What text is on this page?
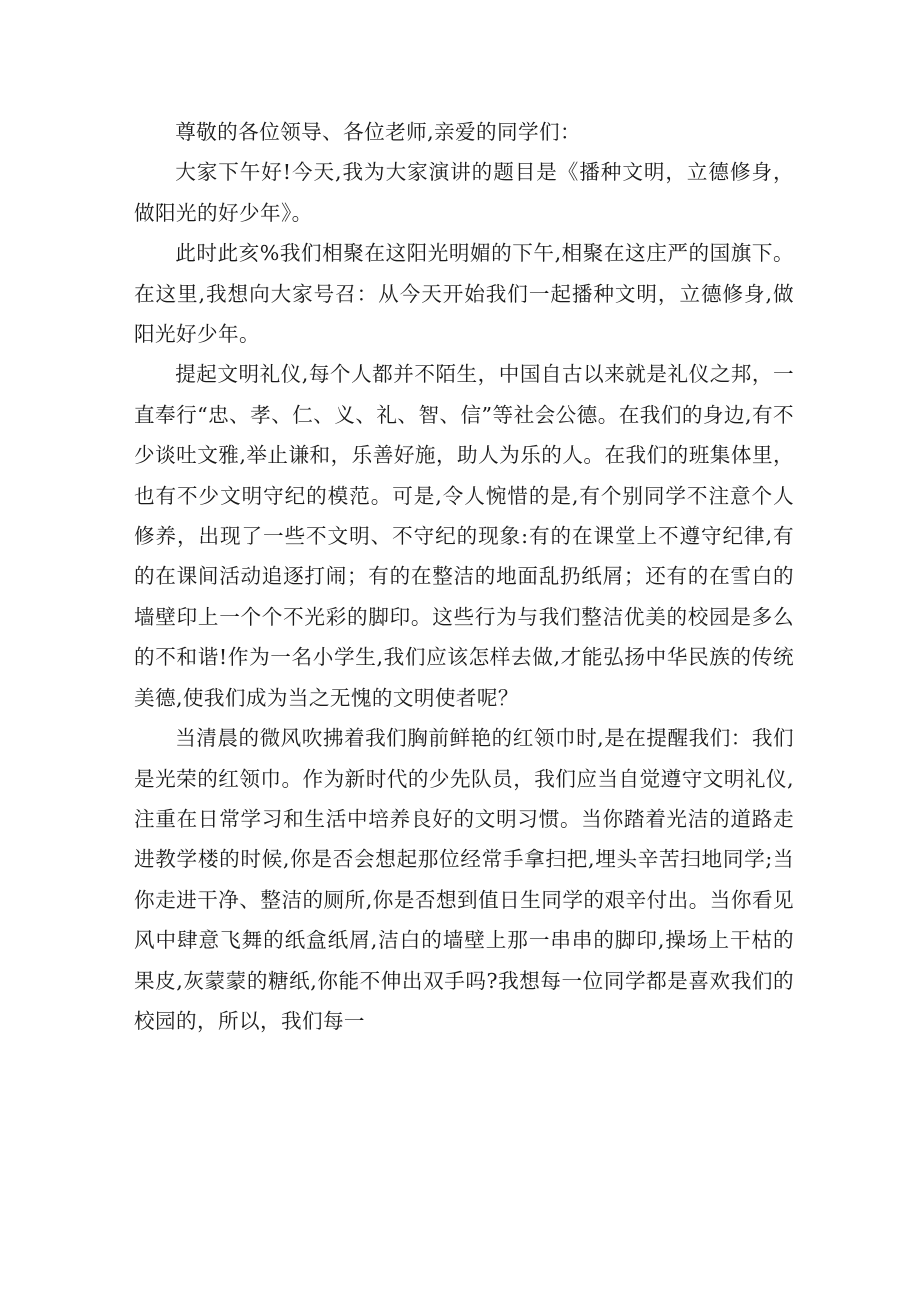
尊敬的各位领导、各位老师,亲爱的同学们：

大家下午好!今天,我为大家演讲的题目是《播种文明，立德修身，做阳光的好少年》。

此时此亥%我们相聚在这阳光明媚的下午,相聚在这庄严的国旗下。在这里,我想向大家号召：从今天开始我们一起播种文明，立德修身,做阳光好少年。

提起文明礼仪,每个人都并不陌生，中国自古以来就是礼仪之邦，一直奉行“忠、孝、仁、义、礼、智、信”等社会公德。在我们的身边,有不少谈吐文雅,举止谦和，乐善好施，助人为乐的人。在我们的班集体里，也有不少文明守纪的模范。可是,令人惋惜的是,有个别同学不注意个人修养，出现了一些不文明、不守纪的现象:有的在课堂上不遵守纪律,有的在课间活动追逐打闹；有的在整洁的地面乱扔纸屑；还有的在雪白的墙壁印上一个个不光彩的脚印。这些行为与我们整洁优美的校园是多么的不和谐!作为一名小学生,我们应该怎样去做,才能弘扬中华民族的传统美德,使我们成为当之无愧的文明使者呢？

当清晨的微风吹拂着我们胸前鲜艳的红领巾时,是在提醒我们：我们是光荣的红领巾。作为新时代的少先队员，我们应当自觉遵守文明礼仪,注重在日常学习和生活中培养良好的文明习惯。当你踏着光洁的道路走进教学楼的时候,你是否会想起那位经常手拿扫把,埋头辛苦扫地同学;当你走进干净、整洁的厕所,你是否想到值日生同学的艰辛付出。当你看见风中肆意飞舞的纸盒纸屑,洁白的墙壁上那一串串的脚印,操场上干枯的果皮,灰蒙蒙的糖纸,你能不伸出双手吗?我想每一位同学都是喜欢我们的校园的，所以，我们每一
